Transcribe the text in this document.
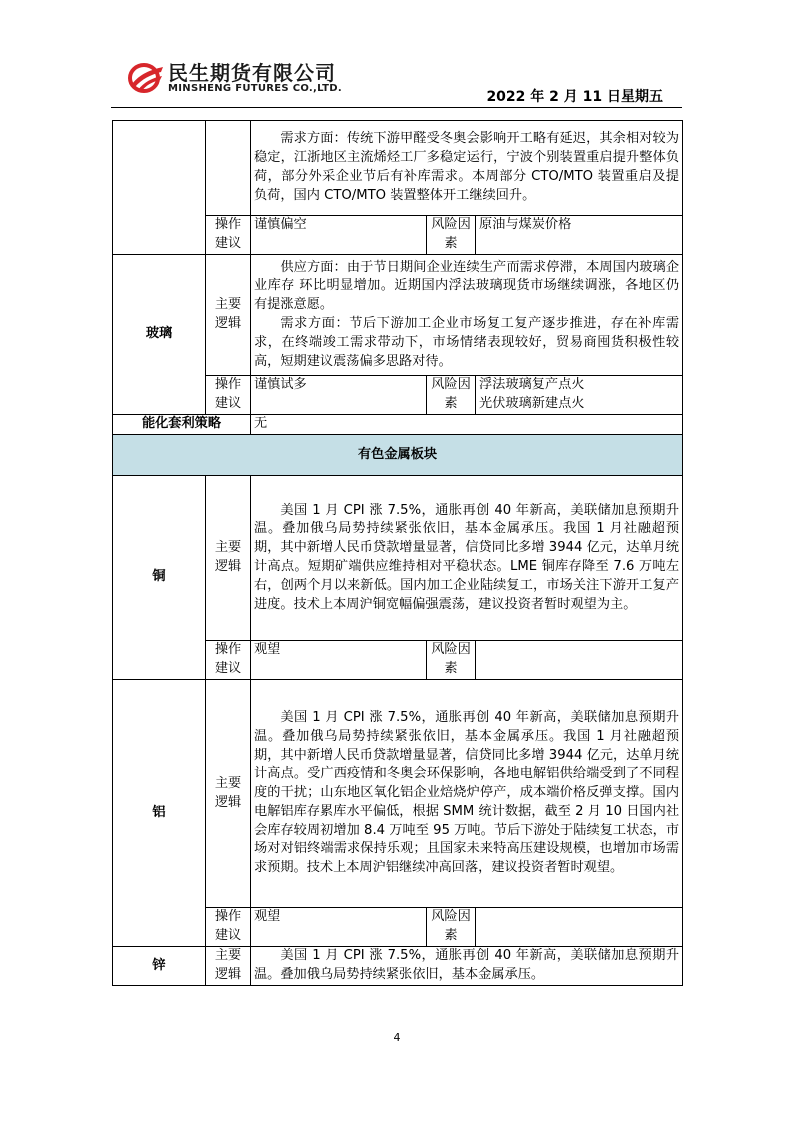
民生期货有限公司
MINSHENG FUTURES CO.,LTD.
2022 年 2 月 11 日星期五
		需求方面：传统下游甲醛受冬奥会影响开工略有延迟，其余相对较为稳定，江浙地区主流烯烃工厂多稳定运行，宁波个别装置重启提升整体负荷，部分外采企业节后有补库需求。本周部分 CTO/MTO 装置重启及提负荷，国内 CTO/MTO 装置整体开工继续回升。		
	操作建议	谨慎偏空	风险因素	原油与煤炭价格
玻璃	主要逻辑	供应方面：由于节日期间企业连续生产而需求停滞，本周国内玻璃企业库存 环比明显增加。近期国内浮法玻璃现货市场继续调涨，各地区仍有提涨意愿。
需求方面：节后下游加工企业市场复工复产逐步推进，存在补库需求，在终端竣工需求带动下，市场情绪表现较好，贸易商囤货积极性较高，短期建议震荡偏多思路对待。		

	操作建议	谨慎试多	风险因素	浮法玻璃复产点火
光伏玻璃新建点火

能化套利策略		无		
有色金属板块				
铜	主要逻辑	美国 1 月 CPI 涨 7.5%，通胀再创 40 年新高，美联储加息预期升温。叠加俄乌局势持续紧张依旧，基本金属承压。我国 1 月社融超预期，其中新增人民币贷款增量显著，信贷同比多增 3944 亿元，达单月统计高点。短期矿端供应维持相对平稳状态。LME 铜库存降至 7.6 万吨左右，创两个月以来新低。国内加工企业陆续复工，市场关注下游开工复产进度。技术上本周沪铜宽幅偏强震荡，建议投资者暂时观望为主。		
	操作建议	观望	风险因素	
铝	主要逻辑	美国 1 月 CPI 涨 7.5%，通胀再创 40 年新高，美联储加息预期升温。叠加俄乌局势持续紧张依旧，基本金属承压。我国 1 月社融超预期，其中新增人民币贷款增量显著，信贷同比多增 3944 亿元，达单月统计高点。受广西疫情和冬奥会环保影响，各地电解铝供给端受到了不同程度的干扰；山东地区氧化铝企业焙烧炉停产，成本端价格反弹支撑。国内电解铝库存累库水平偏低，根据 SMM 统计数据，截至 2 月 10 日国内社会库存较周初增加 8.4 万吨至 95 万吨。节后下游处于陆续复工状态，市场对对铝终端需求保持乐观；且国家未来特高压建设规模，也增加市场需求预期。技术上本周沪铝继续冲高回落，建议投资者暂时观望。		
	操作建议	观望	风险因素	
锌	主要逻辑	美国 1 月 CPI 涨 7.5%，通胀再创 40 年新高，美联储加息预期升温。叠加俄乌局势持续紧张依旧，基本金属承压。		
4
